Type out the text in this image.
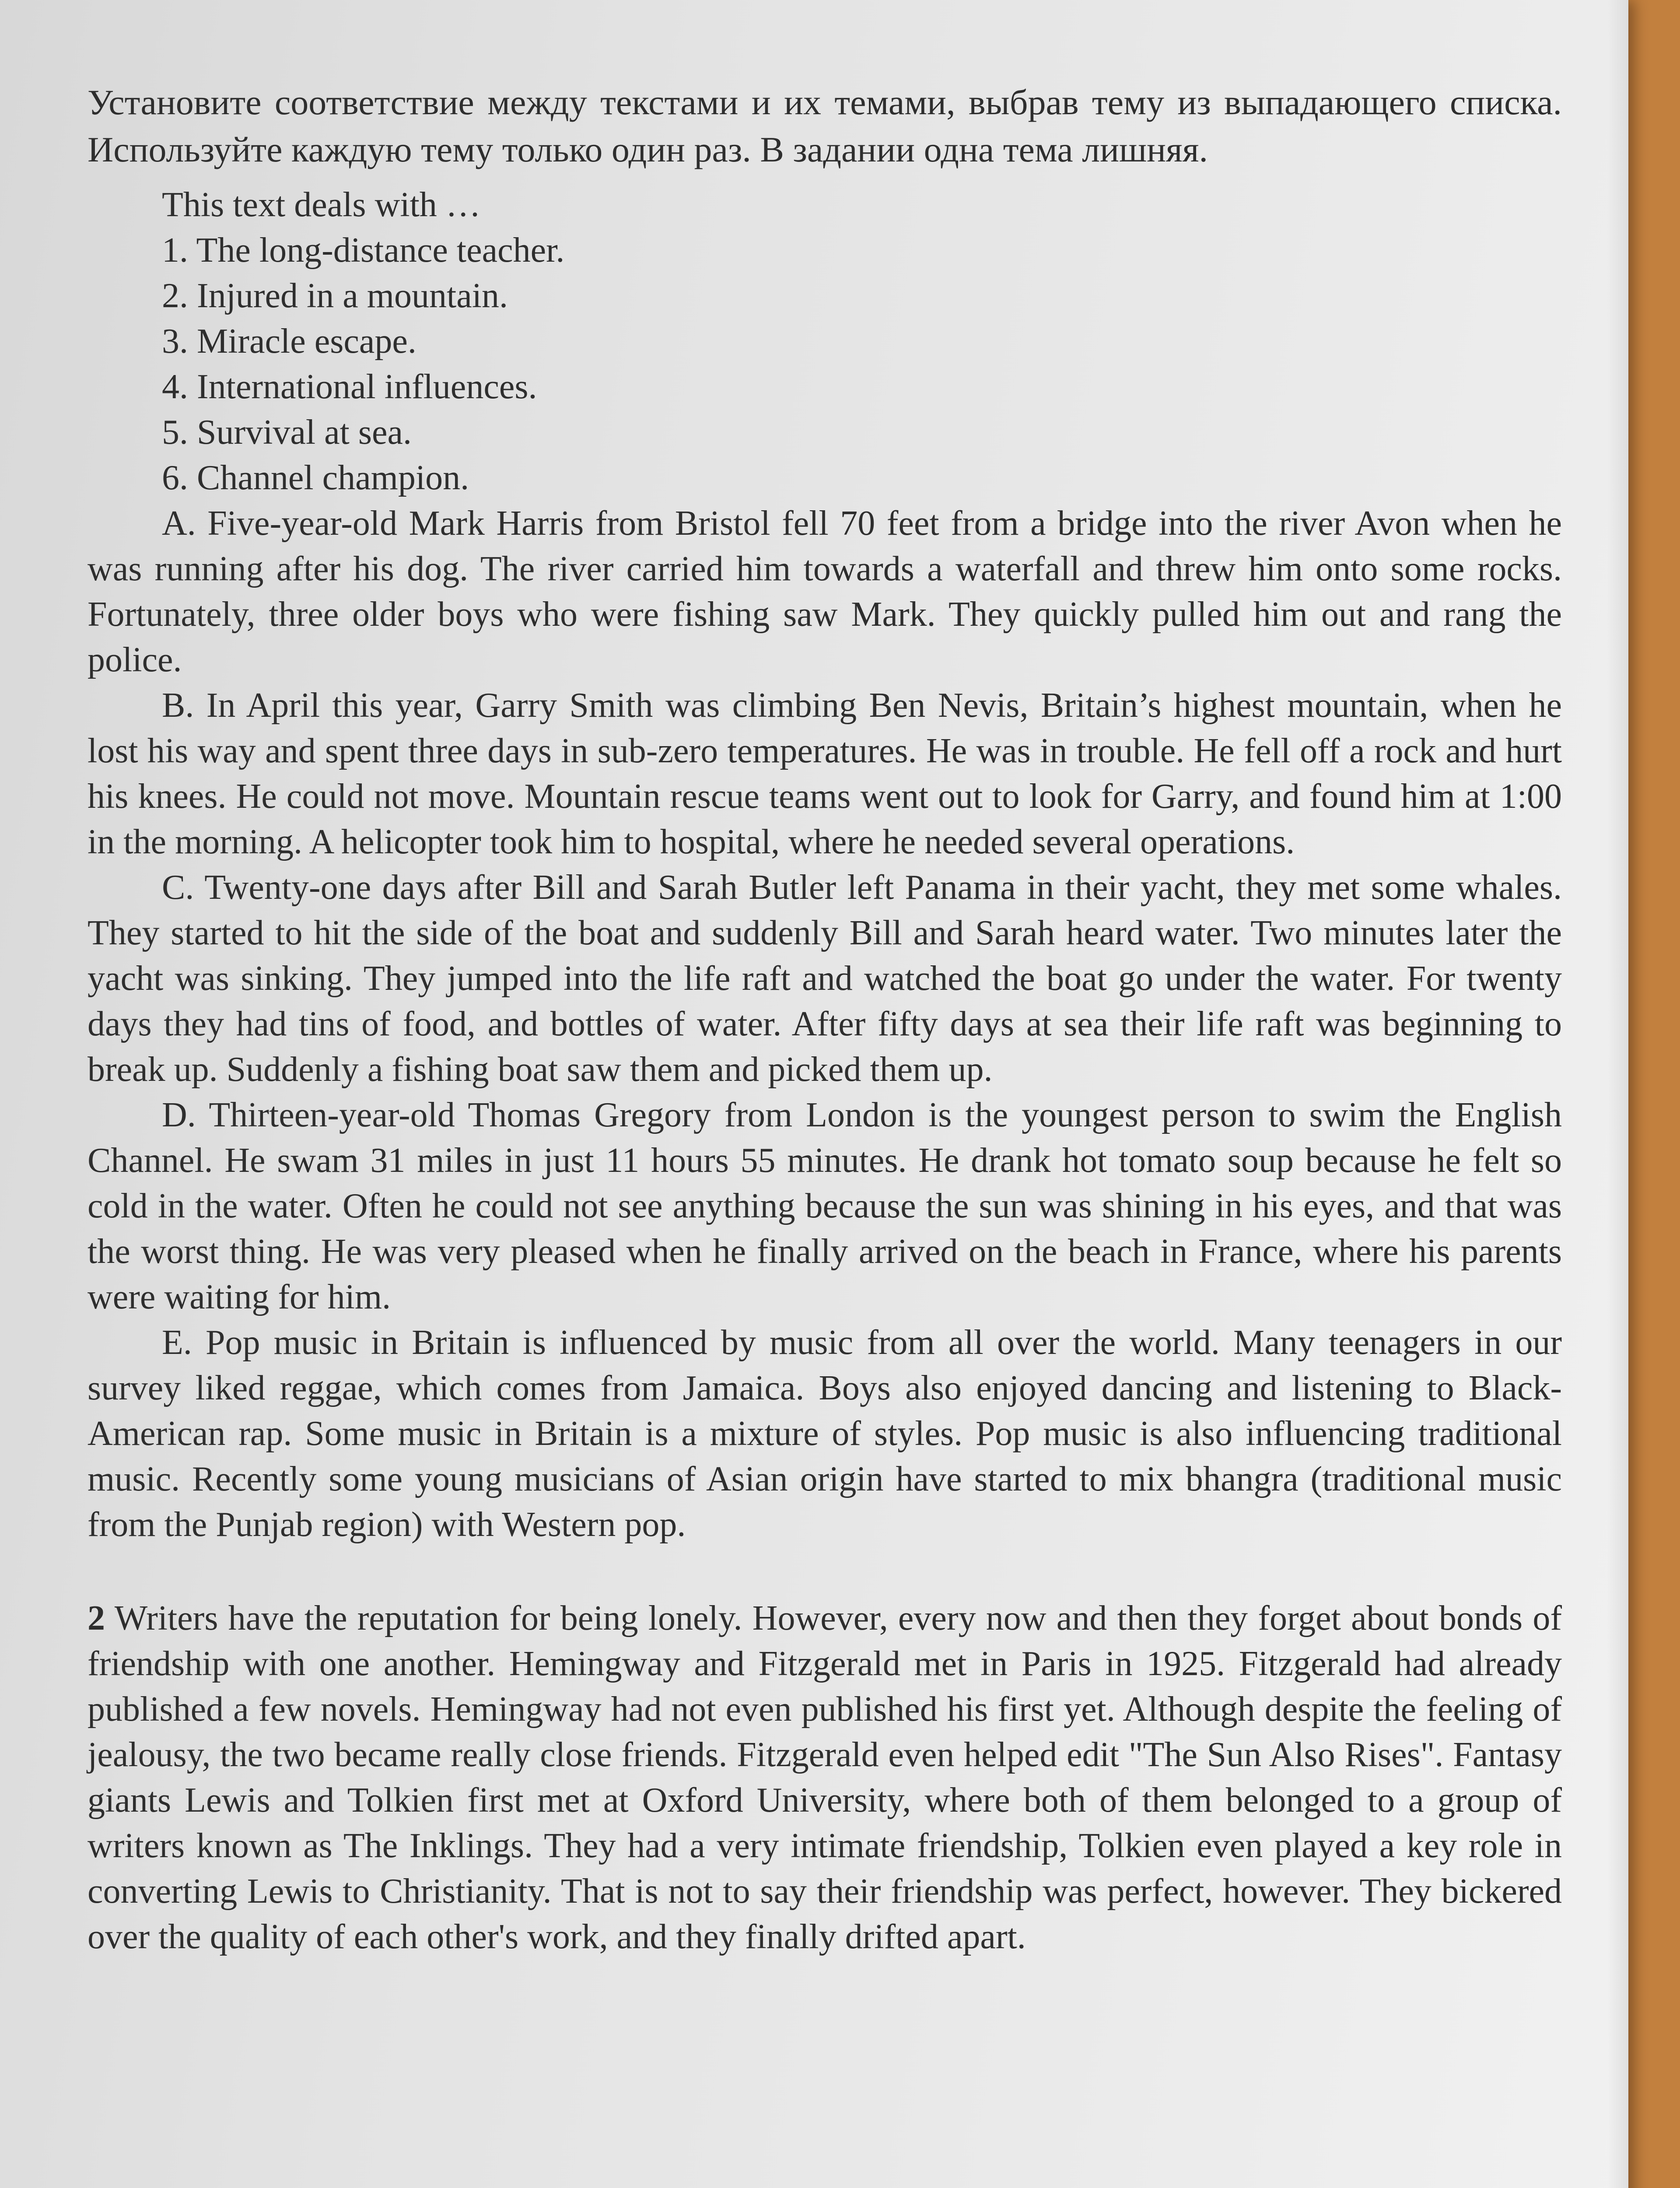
Установите соответствие между текстами и их темами, выбрав тему из выпадающего списка. Используйте каждую тему только один раз. В задании одна тема лишняя.

This text deals with …

1. The long-distance teacher.
2. Injured in a mountain.
3. Miracle escape.
4. International influences.
5. Survival at sea.
6. Channel champion.

A. Five-year-old Mark Harris from Bristol fell 70 feet from a bridge into the river Avon when he was running after his dog. The river carried him towards a waterfall and threw him onto some rocks. Fortunately, three older boys who were fishing saw Mark. They quickly pulled him out and rang the police.

B. In April this year, Garry Smith was climbing Ben Nevis, Britain’s highest mountain, when he lost his way and spent three days in sub-zero temperatures. He was in trouble. He fell off a rock and hurt his knees. He could not move. Mountain rescue teams went out to look for Garry, and found him at 1:00 in the morning. A helicopter took him to hospital, where he needed several operations.

C. Twenty-one days after Bill and Sarah Butler left Panama in their yacht, they met some whales. They started to hit the side of the boat and suddenly Bill and Sarah heard water. Two minutes later the yacht was sinking. They jumped into the life raft and watched the boat go under the water. For twenty days they had tins of food, and bottles of water. After fifty days at sea their life raft was beginning to break up. Suddenly a fishing boat saw them and picked them up.

D. Thirteen-year-old Thomas Gregory from London is the youngest person to swim the English Channel. He swam 31 miles in just 11 hours 55 minutes. He drank hot tomato soup because he felt so cold in the water. Often he could not see anything because the sun was shining in his eyes, and that was the worst thing. He was very pleased when he finally arrived on the beach in France, where his parents were waiting for him.

E. Pop music in Britain is influenced by music from all over the world. Many teenagers in our survey liked reggae, which comes from Jamaica. Boys also enjoyed dancing and listening to Black-American rap. Some music in Britain is a mixture of styles. Pop music is also influencing traditional music. Recently some young musicians of Asian origin have started to mix bhangra (traditional music from the Punjab region) with Western pop.

2 Writers have the reputation for being lonely. However, every now and then they forget about bonds of friendship with one another. Hemingway and Fitzgerald met in Paris in 1925. Fitzgerald had already published a few novels. Hemingway had not even published his first yet. Although despite the feeling of jealousy, the two became really close friends. Fitzgerald even helped edit "The Sun Also Rises". Fantasy giants Lewis and Tolkien first met at Oxford University, where both of them belonged to a group of writers known as The Inklings. They had a very intimate friendship, Tolkien even played a key role in converting Lewis to Christianity. That is not to say their friendship was perfect, however. They bickered over the quality of each other's work, and they finally drifted apart.
